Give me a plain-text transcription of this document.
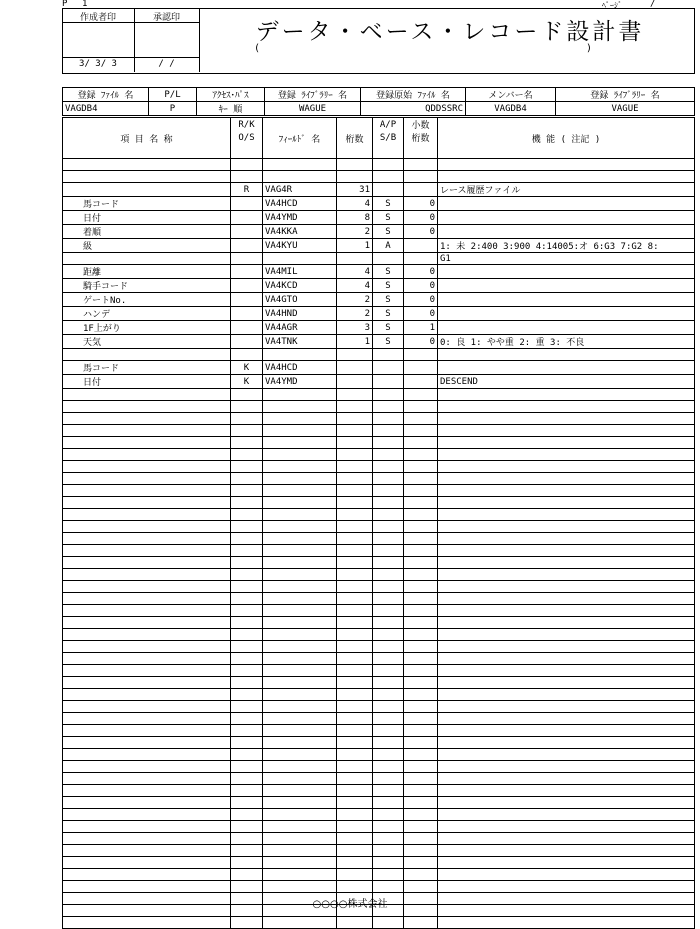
P 1	ﾍﾟｰｼﾞ	/
作成者印	承認印
3/ 3/ 3	/ /
データ・ベース・レコード設計書
(	)
登録 ﾌｧｲﾙ 名	P/L	ｱｸｾｽ･ﾊﾟｽ	登録 ﾗｲﾌﾞﾗﾘｰ 名	登録原始 ﾌｧｲﾙ 名	メンバー名	登録 ﾗｲﾌﾞﾗﾘｰ 名
VAGDB4	P	ｷｰ 順	WAGUE	QDDSSRC	VAGDB4	VAGUE
項 目 名 称	R/K	ﾌｨｰﾙﾄﾞ 名	桁数	A/P	小数	機 能 ( 注記 )
	O/S			S/B	桁数	

	R	VAG4R	31			レース履歴ファイル
馬コード		VA4HCD	4	S	0	
日付		VA4YMD	8	S	0	
着順		VA4KKA	2	S	0	
級		VA4KYU	1	A		1: 未 2:400 3:900 4:14005:オ 6:G3 7:G2 8:
						G1
距離		VA4MIL	4	S	0	
騎手コード		VA4KCD	4	S	0	
ゲートNo.		VA4GTO	2	S	0	
ハンデ		VA4HND	2	S	0	
1F上がり		VA4AGR	3	S	1	
天気		VA4TNK	1	S	0	0: 良 1: やや重 2: 重 3: 不良

馬コード	K	VA4HCD				
日付	K	VA4YMD				DESCEND

○○○○株式会社
